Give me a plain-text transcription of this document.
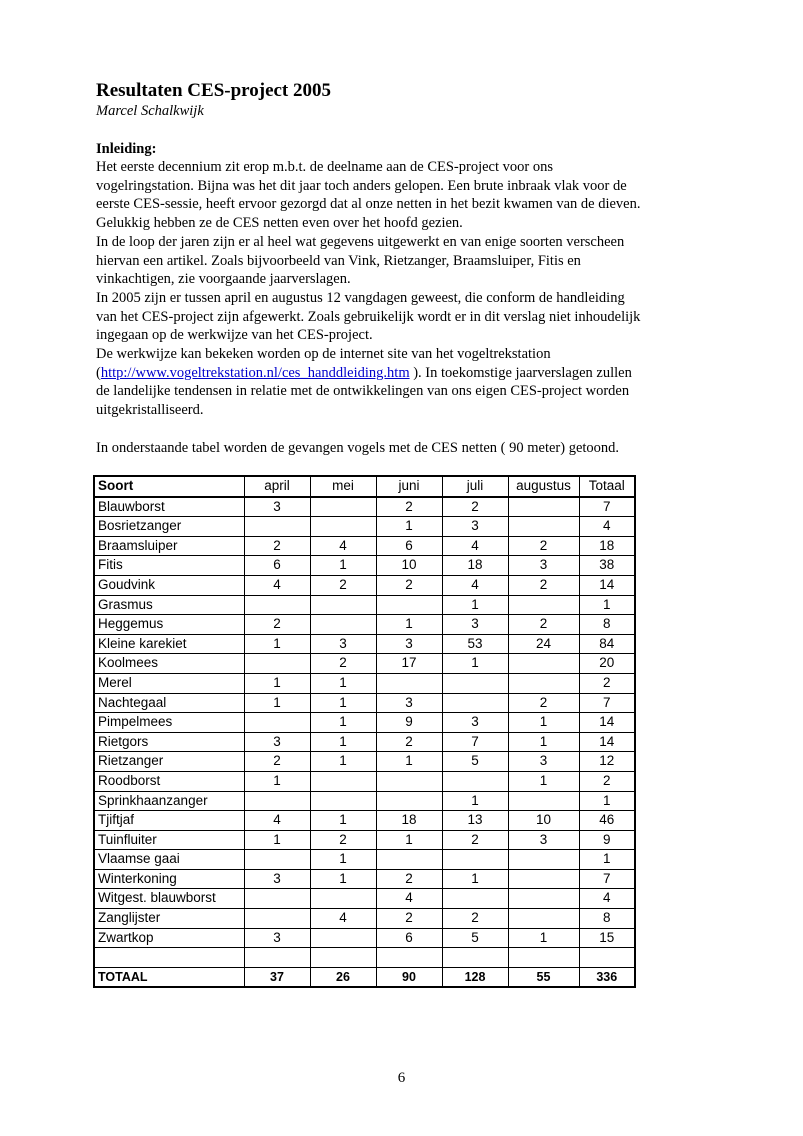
Resultaten CES-project 2005
Marcel Schalkwijk
Inleiding:

Het eerste decennium zit erop m.b.t. de deelname aan de CES-project voor ons

vogelringstation. Bijna was het dit jaar toch anders gelopen. Een brute inbraak vlak voor de

eerste CES-sessie, heeft ervoor gezorgd dat al onze netten in het bezit kwamen van de dieven.

Gelukkig hebben ze de CES netten even over het hoofd gezien.

In de loop der jaren zijn er al heel wat gegevens uitgewerkt en van enige soorten verscheen

hiervan een artikel. Zoals bijvoorbeeld van Vink, Rietzanger, Braamsluiper, Fitis en

vinkachtigen, zie voorgaande jaarverslagen.

In 2005 zijn er tussen april en augustus 12 vangdagen geweest, die conform de handleiding

van het CES-project zijn afgewerkt. Zoals gebruikelijk wordt er in dit verslag niet inhoudelijk

ingegaan op de werkwijze van het CES-project.

De werkwijze kan bekeken worden op de internet site van het vogeltrekstation

(http://www.vogeltrekstation.nl/ces_handdleiding.htm ). In toekomstige jaarverslagen zullen

de landelijke tendensen in relatie met de ontwikkelingen van ons eigen CES-project worden

uitgekristalliseerd.

In onderstaande tabel worden de gevangen vogels met de CES netten ( 90 meter) getoond.

Soort	april	mei	juni	juli	augustus	Totaal
Blauwborst	3		2	2		7
Bosrietzanger			1	3		4
Braamsluiper	2	4	6	4	2	18
Fitis	6	1	10	18	3	38
Goudvink	4	2	2	4	2	14
Grasmus				1		1
Heggemus	2		1	3	2	8
Kleine karekiet	1	3	3	53	24	84
Koolmees		2	17	1		20
Merel	1	1				2
Nachtegaal	1	1	3		2	7
Pimpelmees		1	9	3	1	14
Rietgors	3	1	2	7	1	14
Rietzanger	2	1	1	5	3	12
Roodborst	1				1	2
Sprinkhaanzanger				1		1
Tjiftjaf	4	1	18	13	10	46
Tuinfluiter	1	2	1	2	3	9
Vlaamse gaai		1				1
Winterkoning	3	1	2	1		7
Witgest. blauwborst			4			4
Zanglijster		4	2	2		8
Zwartkop	3		6	5	1	15

TOTAAL	37	26	90	128	55	336
6
